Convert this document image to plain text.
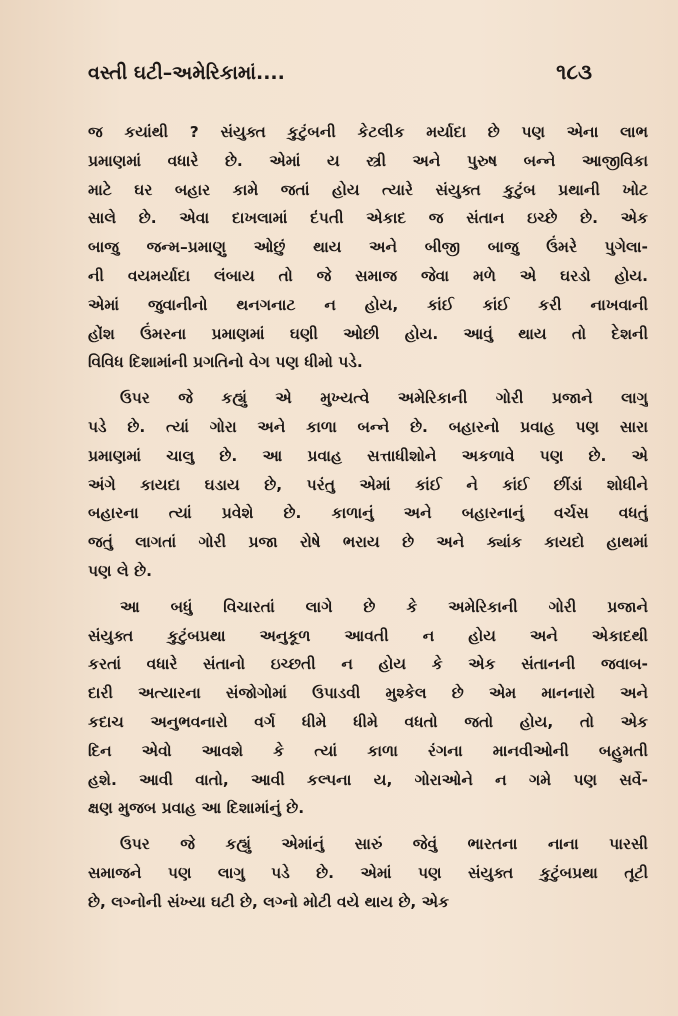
વસ્તી ઘટી–અમેરિકામાં....	૧૮૩
જ કયાંથી ? સંયુક્ત કુટુંબની કેટલીક મર્યાદા છે પણ એના લાભ
પ્રમાણમાં વધારે છે. એમાં ય સ્ત્રી અને પુરુષ બન્ને આજીવિકા
માટે ઘર બહાર કામે જતાં હોય ત્યારે સંયુક્ત કુટુંબ પ્રથાની ખોટ
સાલે છે. એવા દાખલામાં દંપતી એકાદ જ સંતાન ઇચ્છે છે. એક
બાજુ જન્મ–પ્રમાણુ ઓછું થાય અને બીજી બાજુ ઉંમરે પુગેલા-
ની વયમર્યાદા લંબાય તો જે સમાજ જેવા મળે એ ઘરડો હોય.
એમાં જુવાનીનો થનગનાટ ન હોય, કાંઈ કાંઈ કરી નાખવાની
હોંશ ઉંમરના પ્રમાણમાં ઘણી ઓછી હોય. આવું થાય તો દેશની
વિવિધ દિશામાંની પ્રગતિનો વેગ પણ ધીમો પડે.
ઉપર જે કહ્યું એ મુખ્યત્વે અમેરિકાની ગોરી પ્રજાને લાગુ
પડે છે. ત્યાં ગોરા અને કાળા બન્ને છે. બહારનો પ્રવાહ પણ સારા
પ્રમાણમાં ચાલુ છે. આ પ્રવાહ સત્તાધીશોને અકળાવે પણ છે. એ
અંગે કાયદા ઘડાય છે, પરંતુ એમાં કાંઈ ને કાંઈ છીંડાં શોધીને
બહારના ત્યાં પ્રવેશે છે. કાળાનું અને બહારનાનું વર્ચસ વધતું
જતું લાગતાં ગોરી પ્રજા રોષે ભરાય છે અને ક્યાંક કાયદો હાથમાં
પણ લે છે.
આ બધું વિચારતાં લાગે છે કે અમેરિકાની ગોરી પ્રજાને
સંયુક્ત કુટુંબપ્રથા અનુકૂળ આવતી ન હોય અને એકાદથી
કરતાં વધારે સંતાનો ઇચ્છતી ન હોય કે એક સંતાનની જવાબ-
દારી અત્યારના સંજોગોમાં ઉપાડવી મુશ્કેલ છે એમ માનનારો અને
કદાચ અનુભવનારો વર્ગ ધીમે ધીમે વધતો જતો હોય, તો એક
દિન એવો આવશે કે ત્યાં કાળા રંગના માનવીઓની બહુમતી
હશે. આવી વાતો, આવી કલ્પના ય, ગોરાઓને ન ગમે પણ સર્વે-
ક્ષણ મુજબ પ્રવાહ આ દિશામાંનું છે.
ઉપર જે કહ્યું એમાંનું સારું જેવું ભારતના નાના પારસી
સમાજને પણ લાગુ પડે છે. એમાં પણ સંયુક્ત કુટુંબપ્રથા તૂટી
છે, લગ્નોની સંખ્યા ઘટી છે, લગ્નો મોટી વયે થાય છે, એક
